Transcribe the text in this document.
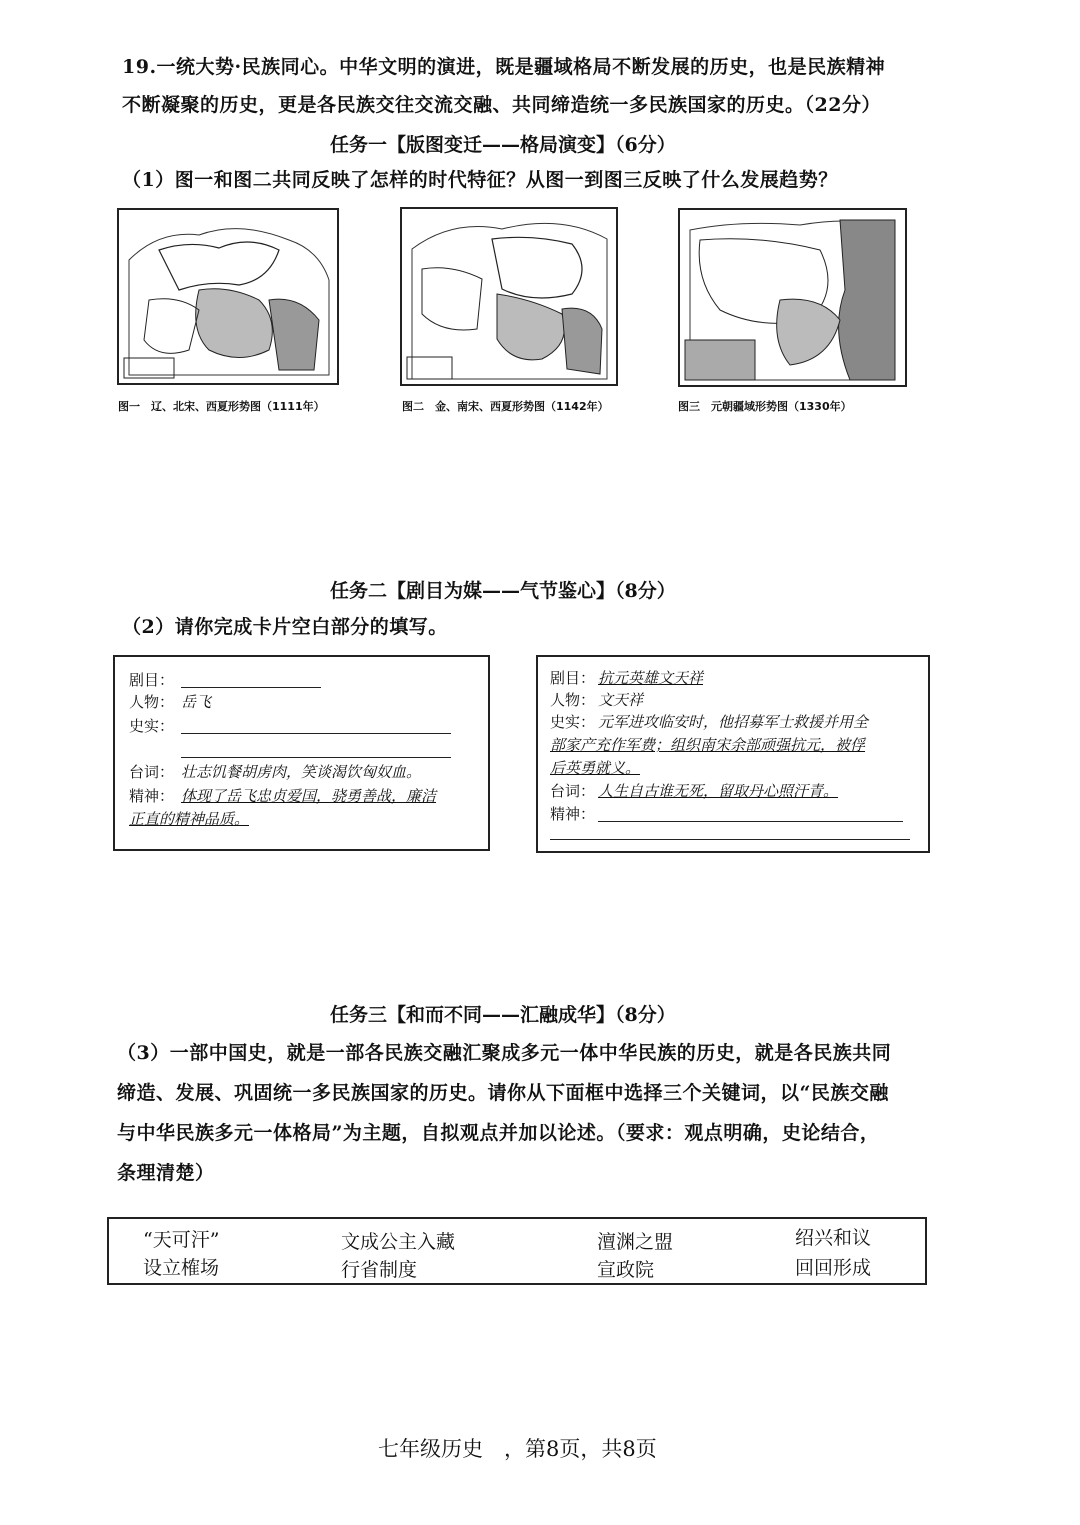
19.一统大势·民族同心。中华文明的演进，既是疆域格局不断发展的历史，也是民族精神
不断凝聚的历史，更是各民族交往交流交融、共同缔造统一多民族国家的历史。（22分）
任务一【版图变迁——格局演变】（6分）
（1）图一和图二共同反映了怎样的时代特征？从图一到图三反映了什么发展趋势？
图一　辽、北宋、西夏形势图（1111年）	图二　金、南宋、西夏形势图（1142年）	图三　元朝疆域形势图（1330年）
任务二【剧目为媒——气节鉴心】（8分）
（2）请你完成卡片空白部分的填写。
剧目：
人物： 岳飞
史实：
台词： 壮志饥餐胡虏肉，笑谈渴饮匈奴血。
精神： 体现了岳飞忠贞爱国，骁勇善战，廉洁
正直的精神品质。
剧目： 抗元英雄文天祥
人物： 文天祥
史实： 元军进攻临安时，他招募军士救援并用全
部家产充作军费；组织南宋余部顽强抗元，被俘
后英勇就义。
台词： 人生自古谁无死，留取丹心照汗青。
精神：
任务三【和而不同——汇融成华】（8分）
（3）一部中国史，就是一部各民族交融汇聚成多元一体中华民族的历史，就是各民族共同
缔造、发展、巩固统一多民族国家的历史。请你从下面框中选择三个关键词，以“民族交融
与中华民族多元一体格局”为主题，自拟观点并加以论述。（要求：观点明确，史论结合，
条理清楚）
“天可汗”	文成公主入藏	澶渊之盟	绍兴和议
设立榷场	行省制度	宣政院	回回形成
七年级历史　，第8页，共8页
